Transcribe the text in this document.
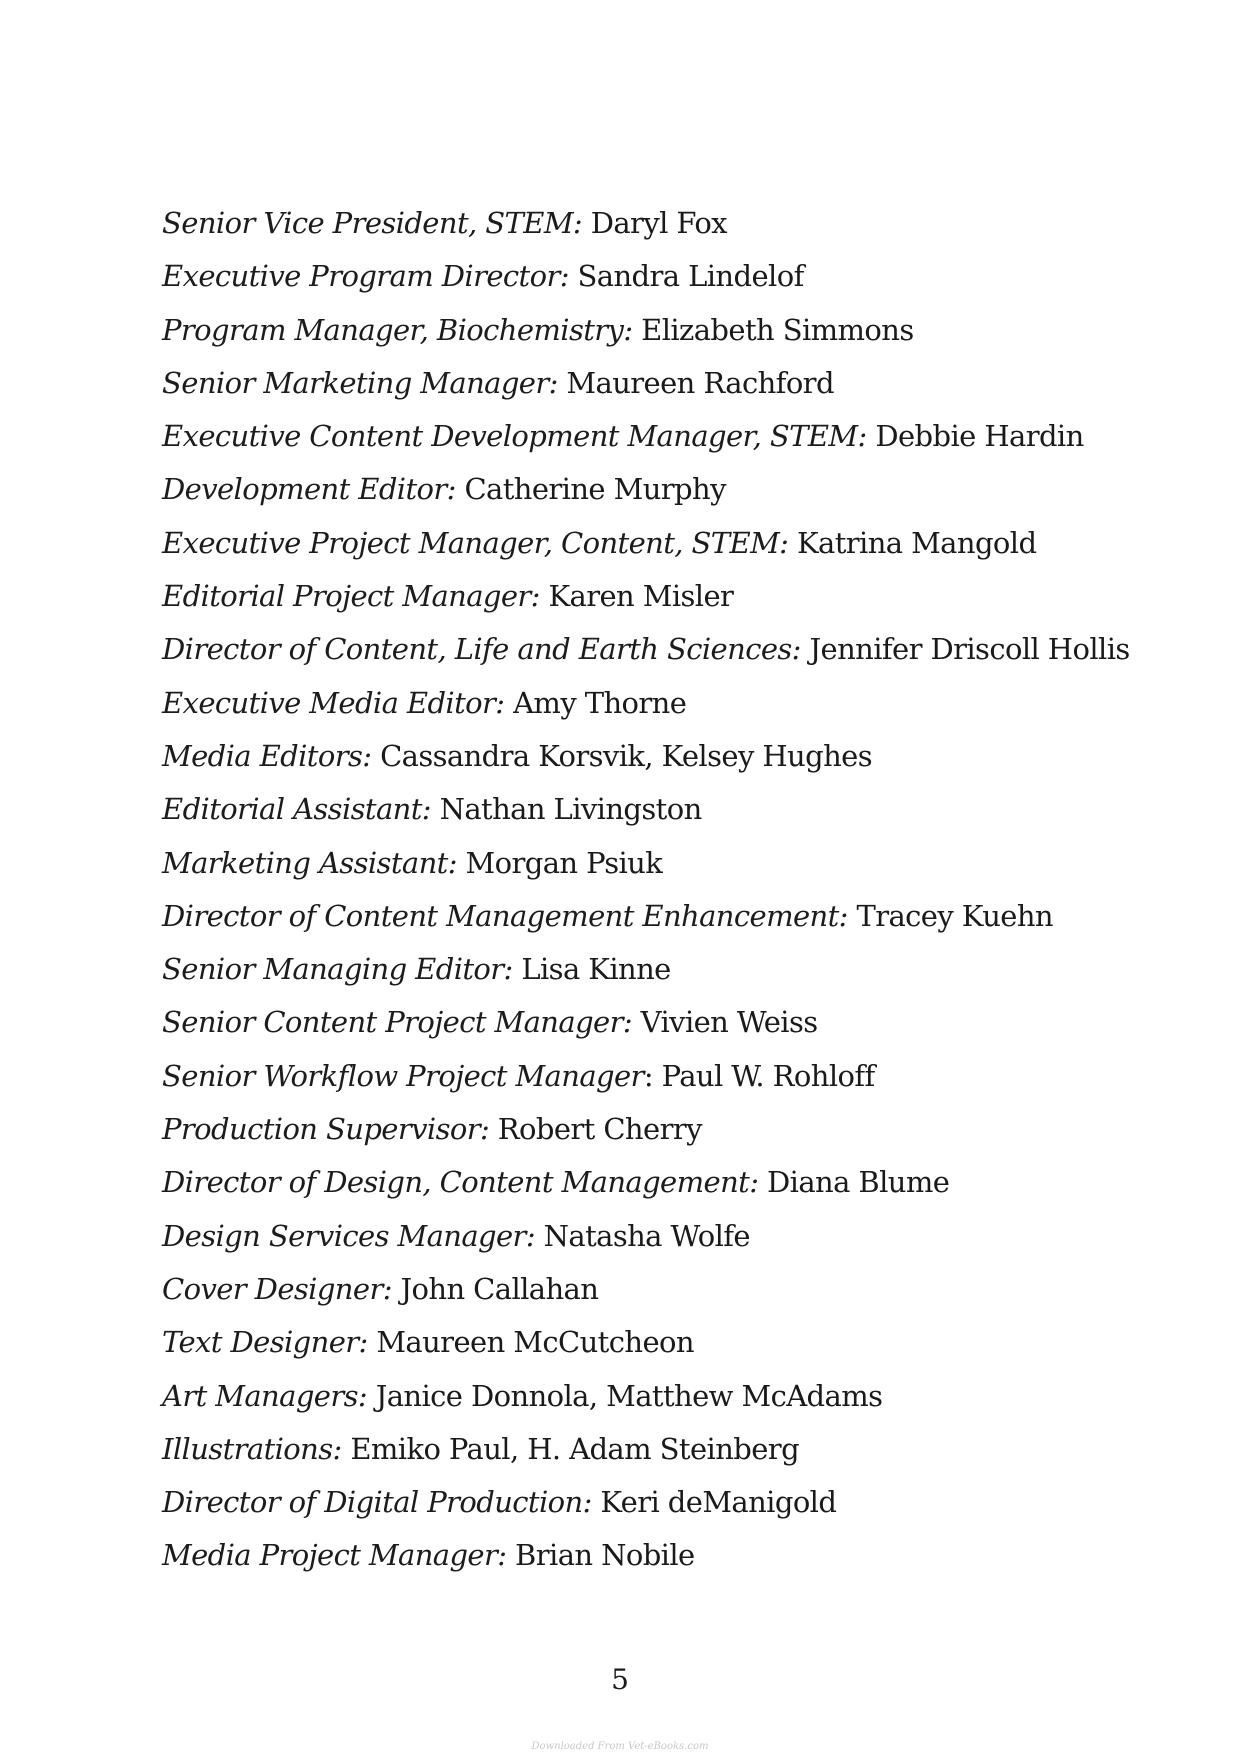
Senior Vice President, STEM: Daryl Fox
Executive Program Director: Sandra Lindelof
Program Manager, Biochemistry: Elizabeth Simmons
Senior Marketing Manager: Maureen Rachford
Executive Content Development Manager, STEM: Debbie Hardin
Development Editor: Catherine Murphy
Executive Project Manager, Content, STEM: Katrina Mangold
Editorial Project Manager: Karen Misler
Director of Content, Life and Earth Sciences: Jennifer Driscoll Hollis
Executive Media Editor: Amy Thorne
Media Editors: Cassandra Korsvik, Kelsey Hughes
Editorial Assistant: Nathan Livingston
Marketing Assistant: Morgan Psiuk
Director of Content Management Enhancement: Tracey Kuehn
Senior Managing Editor: Lisa Kinne
Senior Content Project Manager: Vivien Weiss
Senior Workflow Project Manager: Paul W. Rohloff
Production Supervisor: Robert Cherry
Director of Design, Content Management: Diana Blume
Design Services Manager: Natasha Wolfe
Cover Designer: John Callahan
Text Designer: Maureen McCutcheon
Art Managers: Janice Donnola, Matthew McAdams
Illustrations: Emiko Paul, H. Adam Steinberg
Director of Digital Production: Keri deManigold
Media Project Manager: Brian Nobile
5
Downloaded From Vet-eBooks.com
